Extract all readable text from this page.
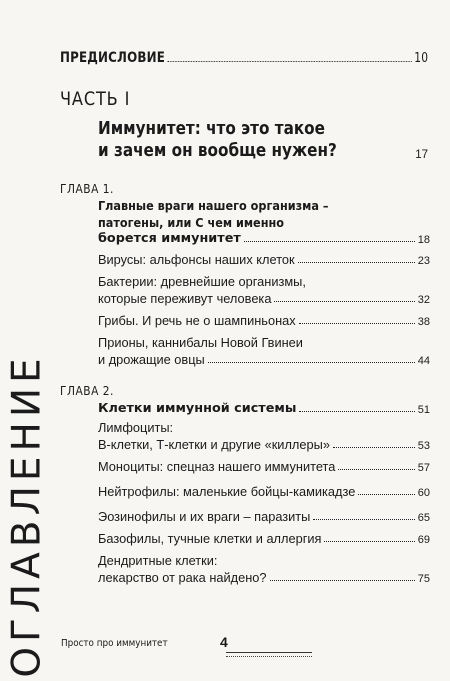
ПРЕДИСЛОВИЕ	10
ЧАСТЬ I
Иммунитет: что это такое
и зачем он вообще нужен?	17
ГЛАВА 1.
Главные враги нашего организма –
патогены, или С чем именно
борется иммунитет	18
Вирусы: альфонсы наших клеток	23
Бактерии: древнейшие организмы,
которые переживут человека	32
Грибы. И речь не о шампиньонах	38
Прионы, каннибалы Новой Гвинеи
и дрожащие овцы	44
ГЛАВА 2.
Клетки иммунной системы	51
Лимфоциты:
В-клетки, Т-клетки и другие «киллеры»	53
Моноциты: спецназ нашего иммунитета	57
Нейтрофилы: маленькие бойцы-камикадзе	60
Эозинофилы и их враги – паразиты	65
Базофилы, тучные клетки и аллергия	69
Дендритные клетки:
лекарство от рака найдено?	75
ОГЛАВЛЕНИЕ Просто про иммунитет	4
